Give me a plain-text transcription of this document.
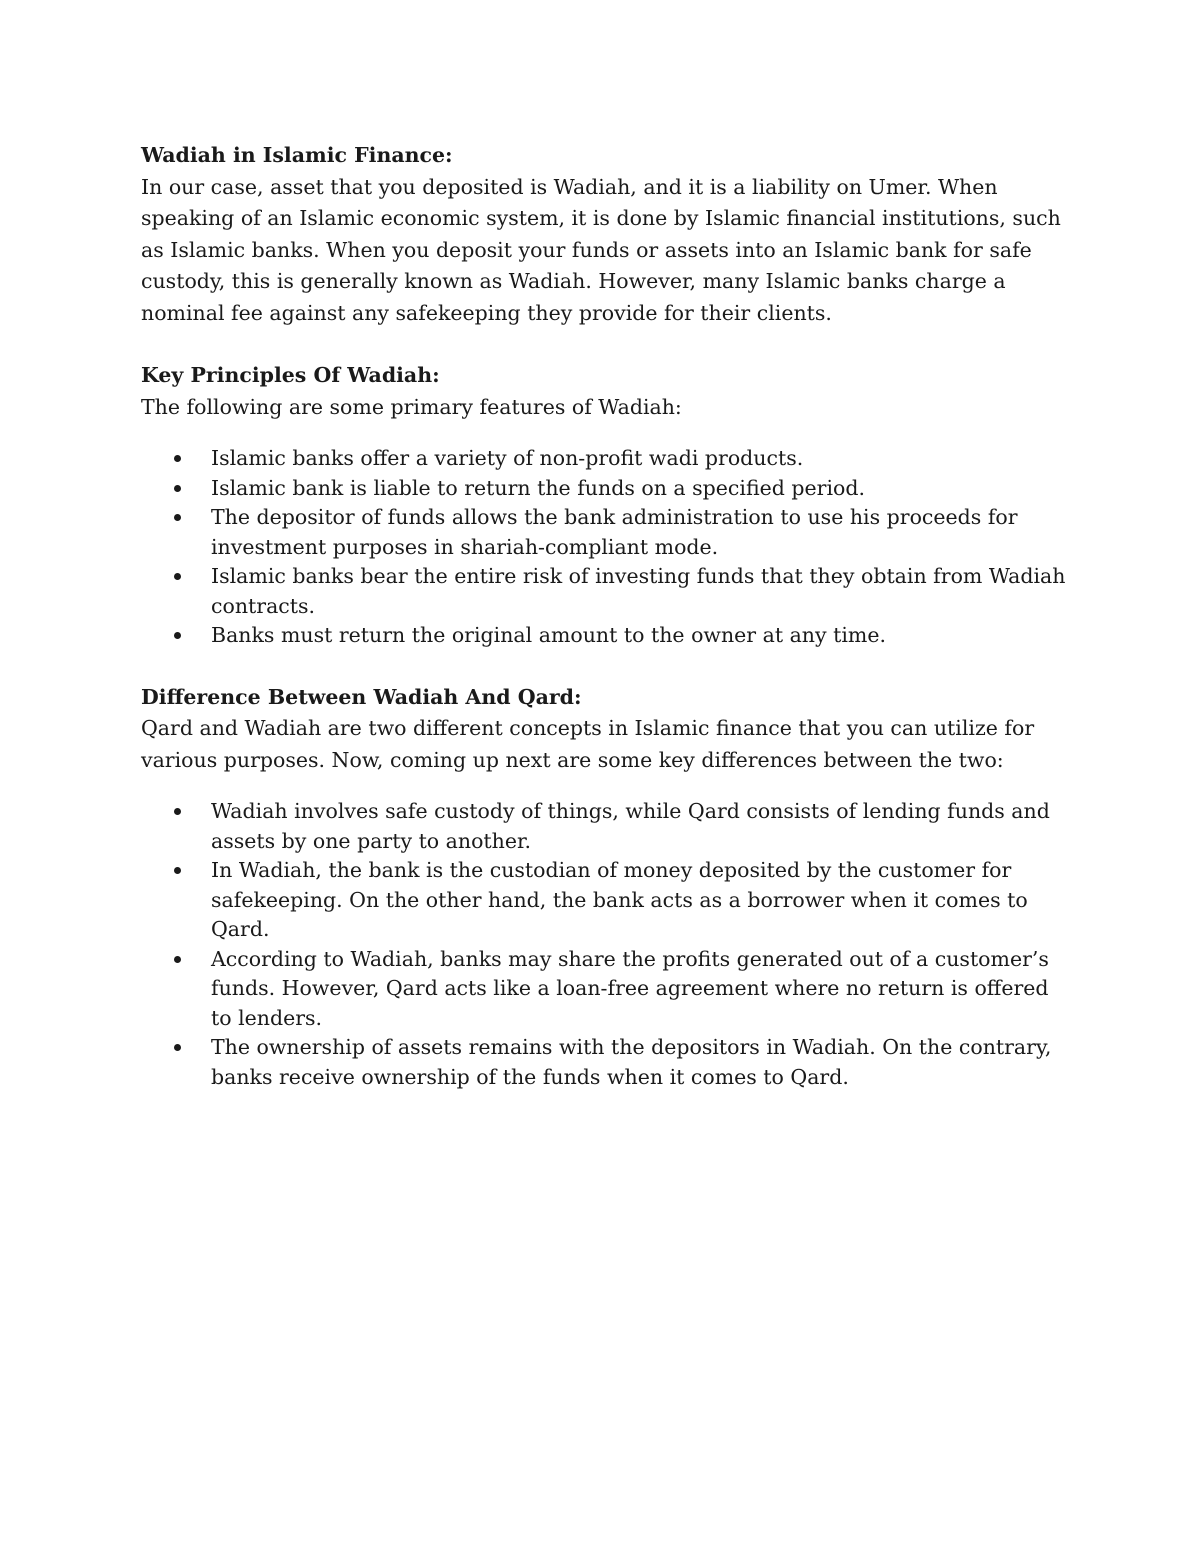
Wadiah in Islamic Finance:

In our case, asset that you deposited is Wadiah, and it is a liability on Umer. When speaking of an Islamic economic system, it is done by Islamic financial institutions, such as Islamic banks. When you deposit your funds or assets into an Islamic bank for safe custody, this is generally known as Wadiah. However, many Islamic banks charge a nominal fee against any safekeeping they provide for their clients.

Key Principles Of Wadiah:

The following are some primary features of Wadiah:

Islamic banks offer a variety of non-profit wadi products.
Islamic bank is liable to return the funds on a specified period.
The depositor of funds allows the bank administration to use his proceeds for investment purposes in shariah-compliant mode.
Islamic banks bear the entire risk of investing funds that they obtain from Wadiah contracts.
Banks must return the original amount to the owner at any time.

Difference Between Wadiah And Qard:

Qard and Wadiah are two different concepts in Islamic finance that you can utilize for various purposes. Now, coming up next are some key differences between the two:

Wadiah involves safe custody of things, while Qard consists of lending funds and assets by one party to another.
In Wadiah, the bank is the custodian of money deposited by the customer for safekeeping. On the other hand, the bank acts as a borrower when it comes to Qard.
According to Wadiah, banks may share the profits generated out of a customer’s funds. However, Qard acts like a loan-free agreement where no return is offered to lenders.
The ownership of assets remains with the depositors in Wadiah. On the contrary, banks receive ownership of the funds when it comes to Qard.
